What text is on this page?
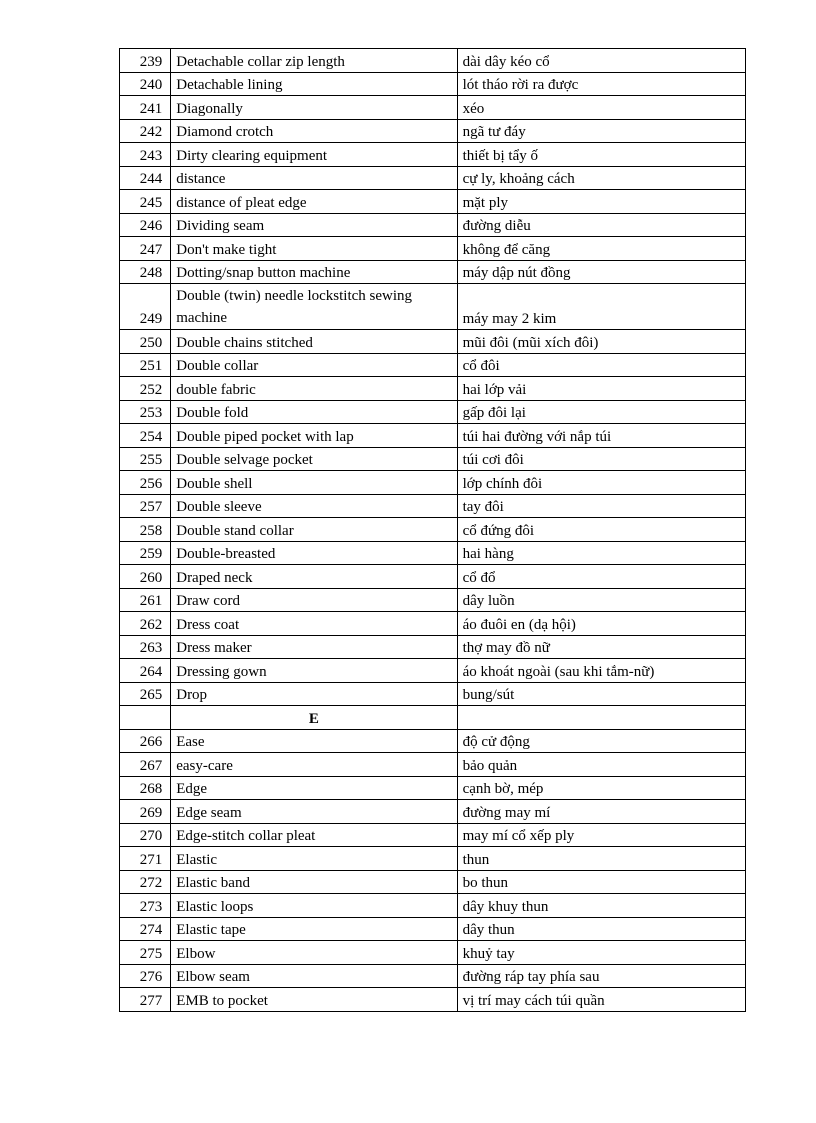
239	Detachable collar zip length	dài dây kéo cổ
240	Detachable lining	lót tháo rời ra được
241	Diagonally	xéo
242	Diamond crotch	ngã tư đáy
243	Dirty clearing equipment	thiết bị tẩy ố
244	distance	cự ly, khoảng cách
245	distance of pleat edge	mặt ply
246	Dividing seam	đường diễu
247	Don't make tight	không để căng
248	Dotting/snap button machine	máy dập nút đồng
249	Double (twin) needle lockstitch sewing machine	máy may 2 kim
250	Double chains stitched	mũi đôi (mũi xích đôi)
251	Double collar	cổ đôi
252	double fabric	hai lớp vải
253	Double fold	gấp đôi lại
254	Double piped pocket with lap	túi hai đường với nắp túi
255	Double selvage pocket	túi cơi đôi
256	Double shell	lớp chính đôi
257	Double sleeve	tay đôi
258	Double stand collar	cổ đứng đôi
259	Double-breasted	hai hàng
260	Draped neck	cổ đổ
261	Draw cord	dây luồn
262	Dress coat	áo đuôi en (dạ hội)
263	Dress maker	thợ may đồ nữ
264	Dressing gown	áo khoát ngoài (sau khi tắm-nữ)
265	Drop	bung/sút
	E	
266	Ease	độ cử động
267	easy-care	bảo quản
268	Edge	cạnh bờ, mép
269	Edge seam	đường may mí
270	Edge-stitch collar pleat	may mí cổ xếp ply
271	Elastic	thun
272	Elastic band	bo thun
273	Elastic loops	dây khuy thun
274	Elastic tape	dây thun
275	Elbow	khuỷ tay
276	Elbow seam	đường ráp tay phía sau
277	EMB to pocket	vị trí may cách túi quần
